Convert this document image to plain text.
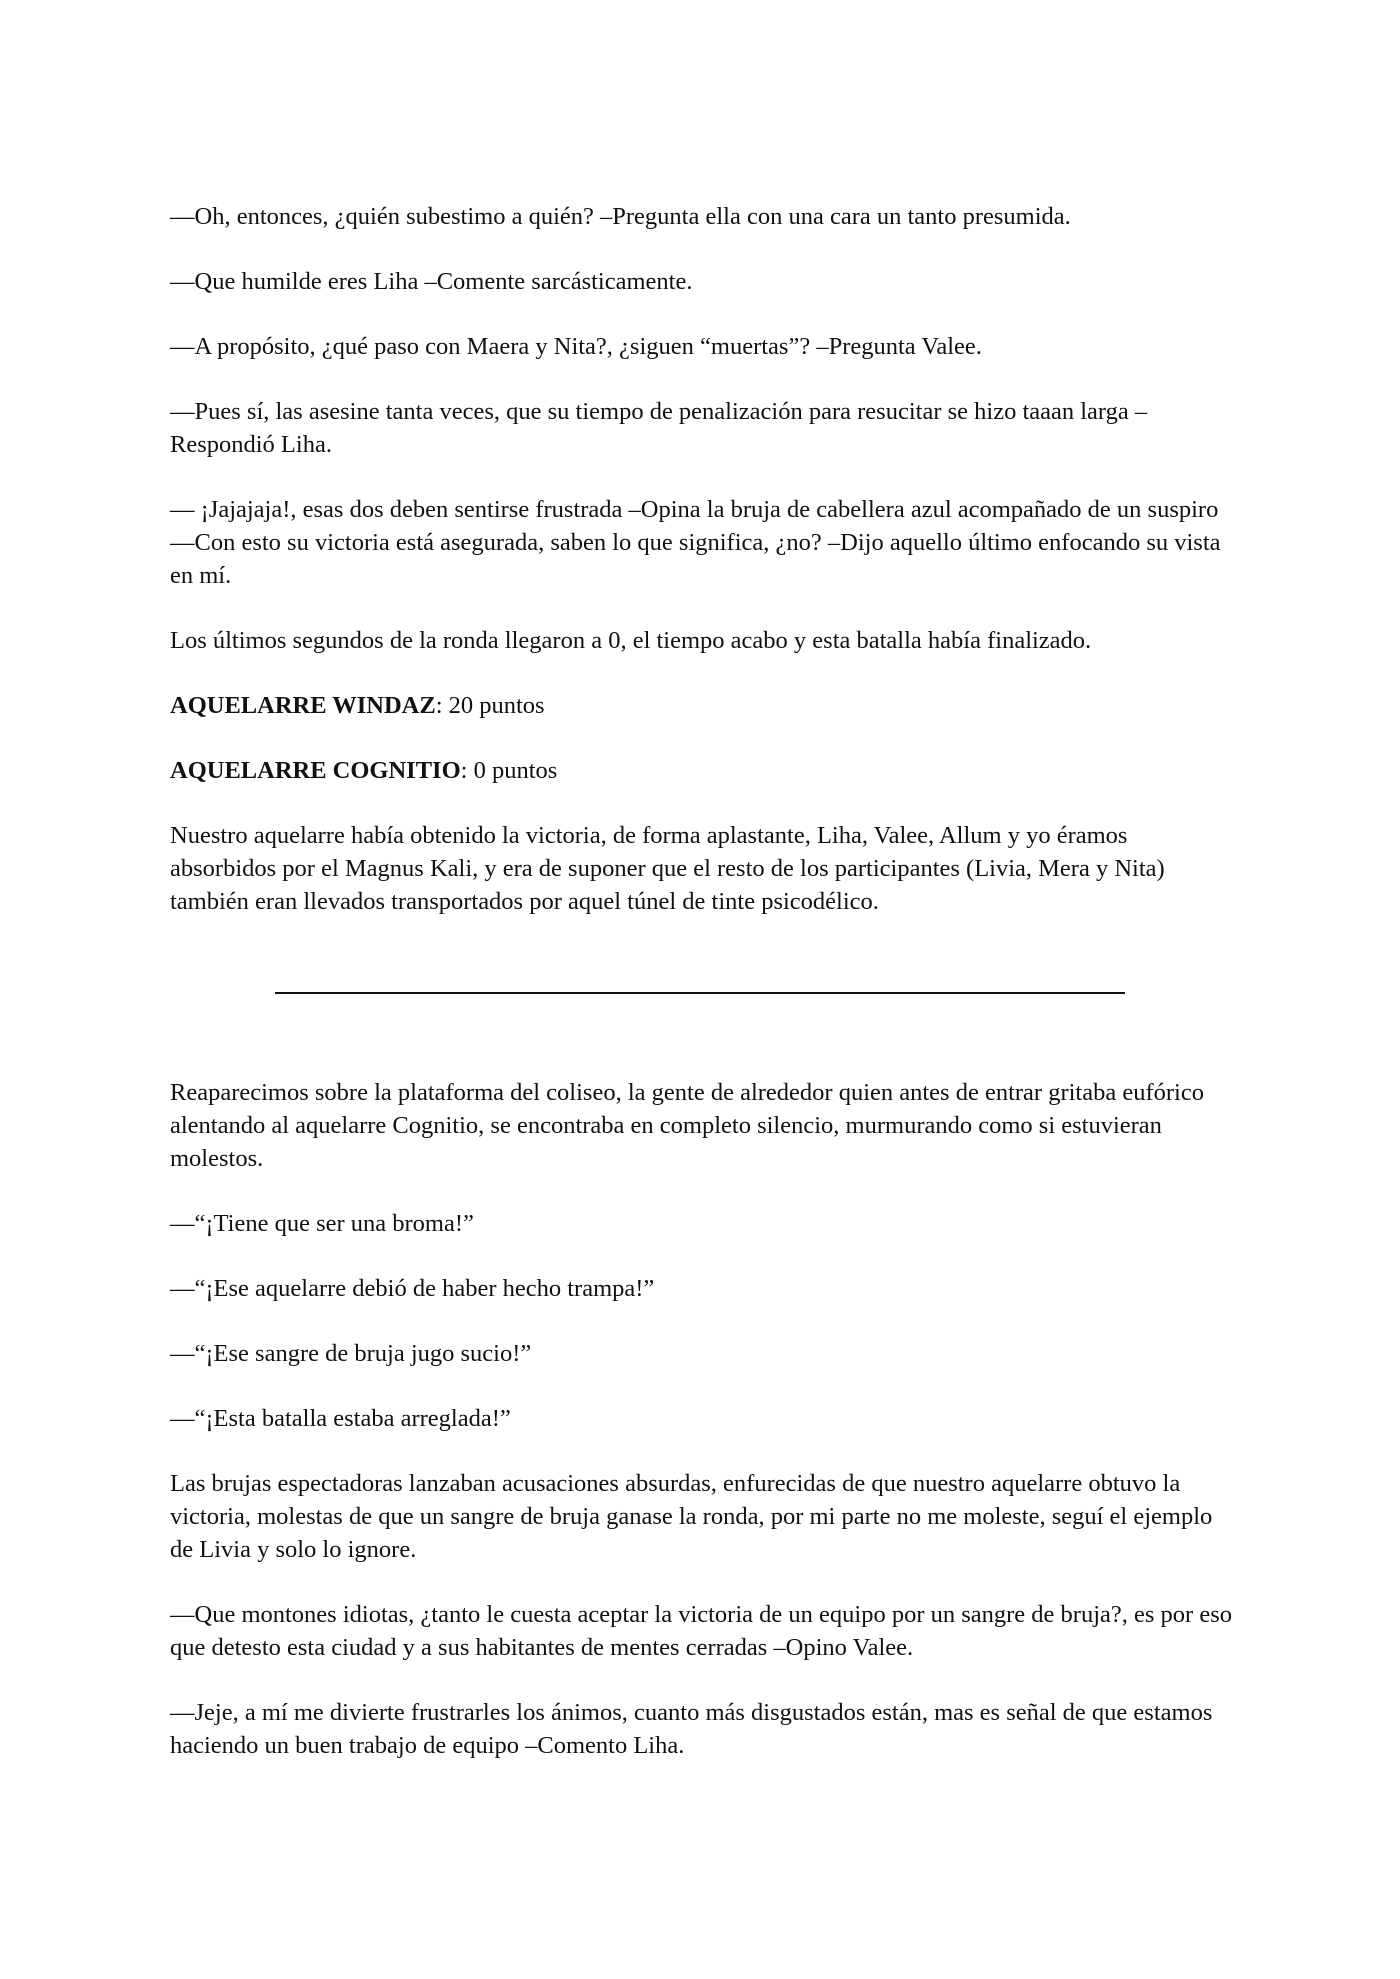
—Oh, entonces, ¿quién subestimo a quién? –Pregunta ella con una cara un tanto presumida.

—Que humilde eres Liha –Comente sarcásticamente.

—A propósito, ¿qué paso con Maera y Nita?, ¿siguen “muertas”? –Pregunta Valee.

—Pues sí, las asesine tanta veces, que su tiempo de penalización para resucitar se hizo taaan larga –Respondió Liha.

— ¡Jajajaja!, esas dos deben sentirse frustrada –Opina la bruja de cabellera azul acompañado de un suspiro —Con esto su victoria está asegurada, saben lo que significa, ¿no? –Dijo aquello último enfocando su vista en mí.

Los últimos segundos de la ronda llegaron a 0, el tiempo acabo y esta batalla había finalizado.

AQUELARRE WINDAZ: 20 puntos

AQUELARRE COGNITIO: 0 puntos

Nuestro aquelarre había obtenido la victoria, de forma aplastante, Liha, Valee, Allum y yo éramos absorbidos por el Magnus Kali, y era de suponer que el resto de los participantes (Livia, Mera y Nita) también eran llevados transportados por aquel túnel de tinte psicodélico.

Reaparecimos sobre la plataforma del coliseo, la gente de alrededor quien antes de entrar gritaba eufórico alentando al aquelarre Cognitio, se encontraba en completo silencio, murmurando como si estuvieran molestos.

—“¡Tiene que ser una broma!”

—“¡Ese aquelarre debió de haber hecho trampa!”

—“¡Ese sangre de bruja jugo sucio!”

—“¡Esta batalla estaba arreglada!”

Las brujas espectadoras lanzaban acusaciones absurdas, enfurecidas de que nuestro aquelarre obtuvo la victoria, molestas de que un sangre de bruja ganase la ronda, por mi parte no me moleste, seguí el ejemplo de Livia y solo lo ignore.

—Que montones idiotas, ¿tanto le cuesta aceptar la victoria de un equipo por un sangre de bruja?, es por eso que detesto esta ciudad y a sus habitantes de mentes cerradas –Opino Valee.

—Jeje, a mí me divierte frustrarles los ánimos, cuanto más disgustados están, mas es señal de que estamos haciendo un buen trabajo de equipo –Comento Liha.
